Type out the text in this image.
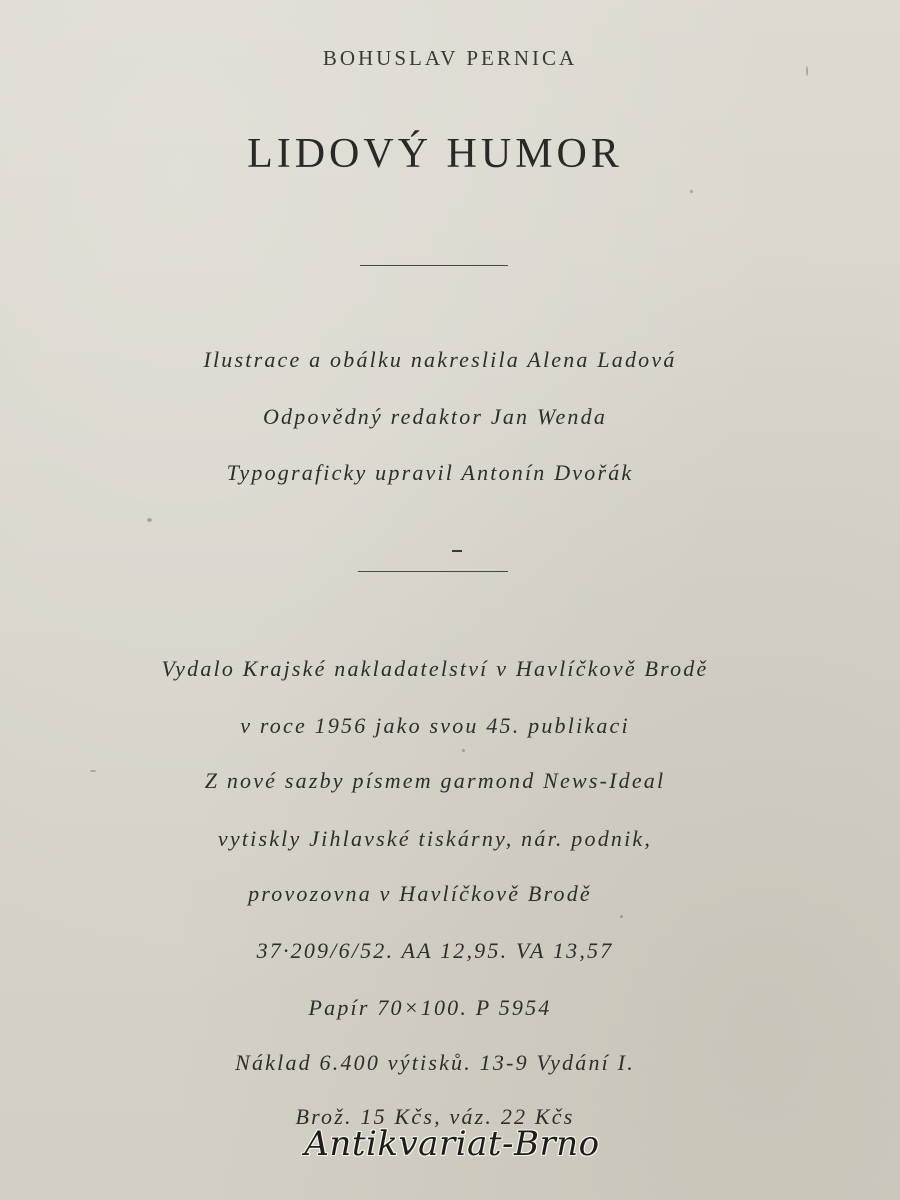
BOHUSLAV PERNICA
LIDOVÝ HUMOR
Ilustrace a obálku nakreslila Alena Ladová
Odpovědný redaktor Jan Wenda
Typograficky upravil Antonín Dvořák
Vydalo Krajské nakladatelství v Havlíčkově Brodě
v roce 1956 jako svou 45. publikaci
Z nové sazby písmem garmond News-Ideal
vytiskly Jihlavské tiskárny, nár. podnik,
provozovna v Havlíčkově Brodě
37·209/6/52. AA 12,95. VA 13,57
Papír 70×100. P 5954
Náklad 6.400 výtisků. 13-9 Vydání I.
Brož. 15 Kčs, váz. 22 Kčs
Antikvariat-Brno
